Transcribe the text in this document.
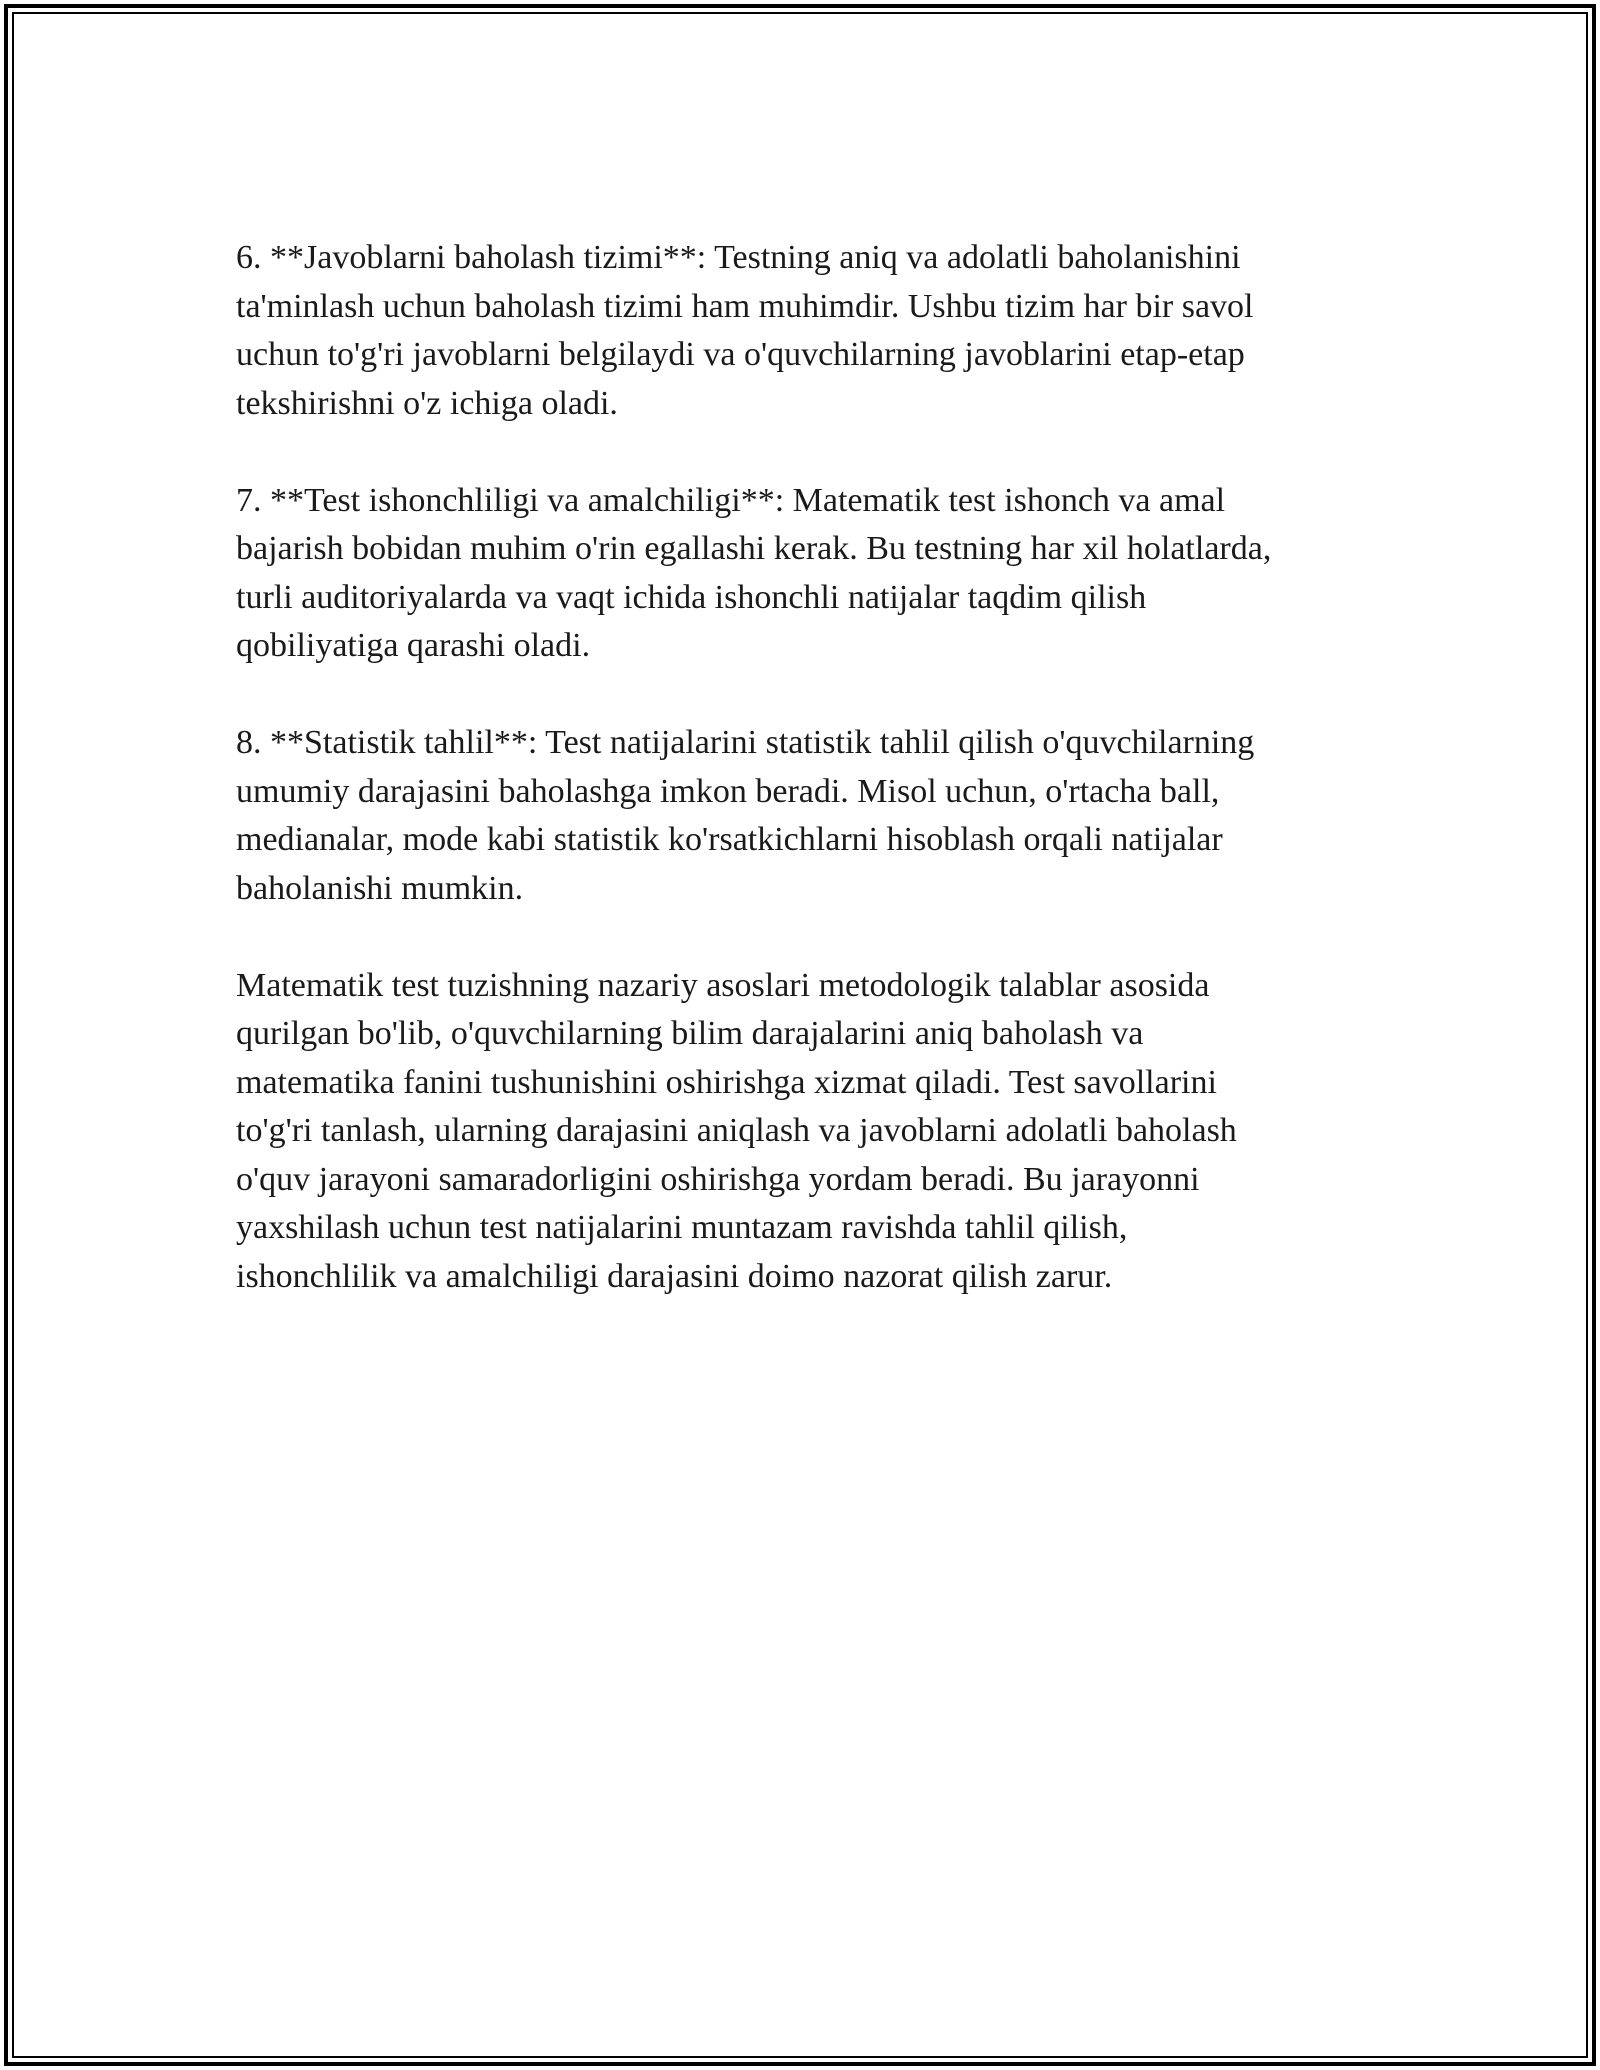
6. **Javoblarni baholash tizimi**: Testning aniq va adolatli baholanishini
ta'minlash uchun baholash tizimi ham muhimdir. Ushbu tizim har bir savol
uchun to'g'ri javoblarni belgilaydi va o'quvchilarning javoblarini etap-etap
tekshirishni o'z ichiga oladi.
7. **Test ishonchliligi va amalchiligi**: Matematik test ishonch va amal
bajarish bobidan muhim o'rin egallashi kerak. Bu testning har xil holatlarda,
turli auditoriyalarda va vaqt ichida ishonchli natijalar taqdim qilish
qobiliyatiga qarashi oladi.
8. **Statistik tahlil**: Test natijalarini statistik tahlil qilish o'quvchilarning
umumiy darajasini baholashga imkon beradi. Misol uchun, o'rtacha ball,
medianalar, mode kabi statistik ko'rsatkichlarni hisoblash orqali natijalar
baholanishi mumkin.
Matematik test tuzishning nazariy asoslari metodologik talablar asosida
qurilgan bo'lib, o'quvchilarning bilim darajalarini aniq baholash va
matematika fanini tushunishini oshirishga xizmat qiladi. Test savollarini
to'g'ri tanlash, ularning darajasini aniqlash va javoblarni adolatli baholash
o'quv jarayoni samaradorligini oshirishga yordam beradi. Bu jarayonni
yaxshilash uchun test natijalarini muntazam ravishda tahlil qilish,
ishonchlilik va amalchiligi darajasini doimo nazorat qilish zarur.
